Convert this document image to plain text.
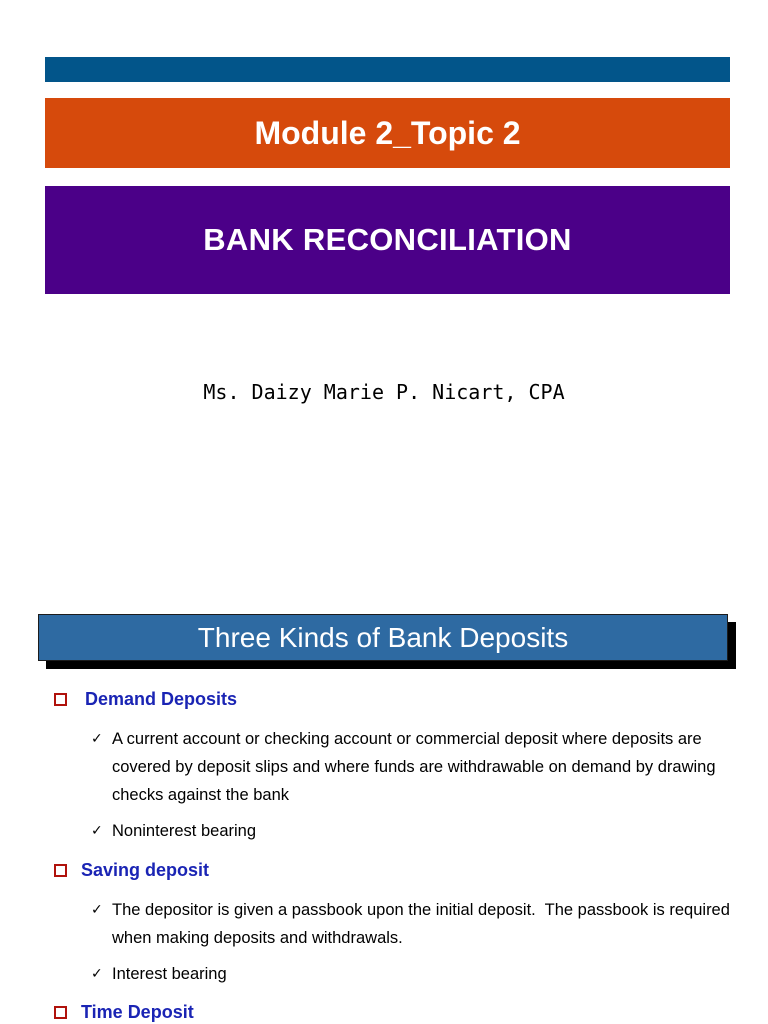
Module 2_Topic 2
BANK RECONCILIATION
Ms. Daizy Marie P. Nicart, CPA
Three Kinds of Bank Deposits
Demand Deposits
✓ A current account or checking account or commercial deposit where deposits are covered by deposit slips and where funds are withdrawable on demand by drawing checks against the bank
✓ Noninterest bearing
Saving deposit
✓ The depositor is given a passbook upon the initial deposit.  The passbook is required when making deposits and withdrawals.
✓ Interest bearing
Time Deposit
